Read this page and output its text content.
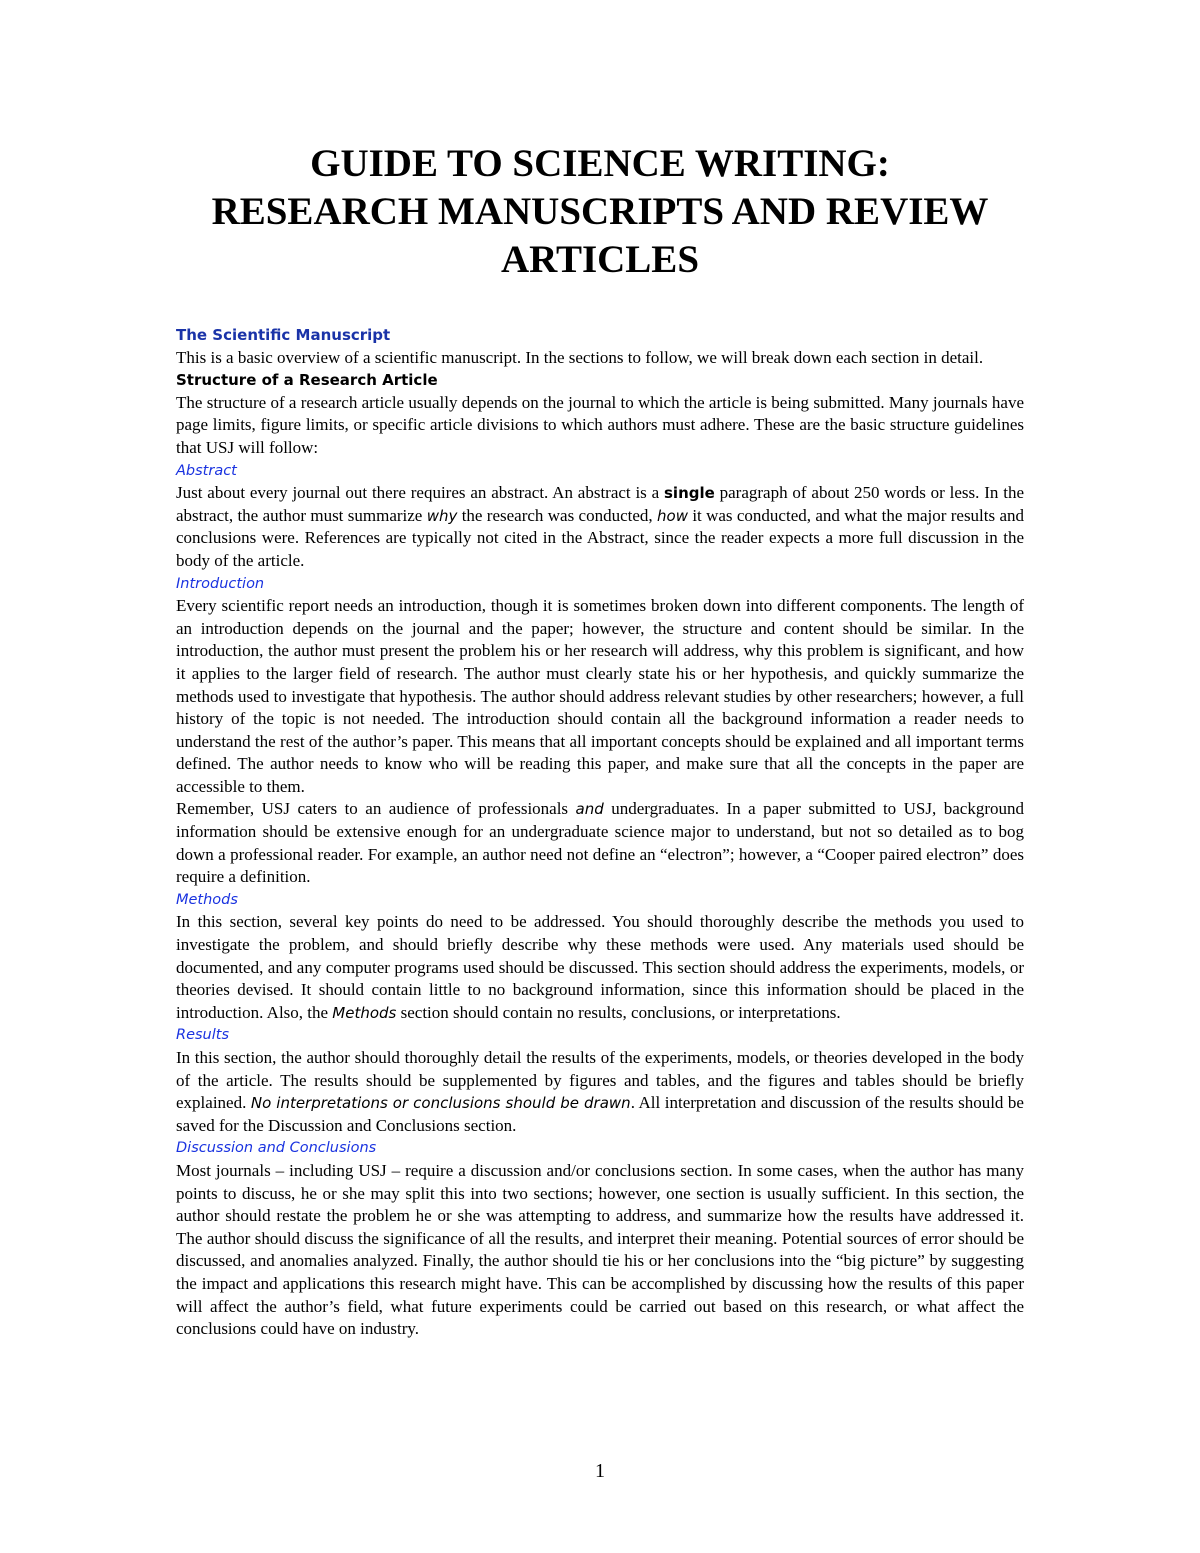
GUIDE TO SCIENCE WRITING:
RESEARCH MANUSCRIPTS AND REVIEW
ARTICLES
The Scientific Manuscript

This is a basic overview of a scientific manuscript. In the sections to follow, we will break down each section in detail.

Structure of a Research Article

The structure of a research article usually depends on the journal to which the article is being submitted. Many journals have page limits, figure limits, or specific article divisions to which authors must adhere. These are the basic structure guidelines that USJ will follow:

Abstract

Just about every journal out there requires an abstract. An abstract is a single paragraph of about 250 words or less. In the abstract, the author must summarize why the research was conducted, how it was conducted, and what the major results and conclusions were. References are typically not cited in the Abstract, since the reader expects a more full discussion in the body of the article.

Introduction

Every scientific report needs an introduction, though it is sometimes broken down into different components. The length of an introduction depends on the journal and the paper; however, the structure and content should be similar. In the introduction, the author must present the problem his or her research will address, why this problem is significant, and how it applies to the larger field of research. The author must clearly state his or her hypothesis, and quickly summarize the methods used to investigate that hypothesis. The author should address relevant studies by other researchers; however, a full history of the topic is not needed. The introduction should contain all the background information a reader needs to understand the rest of the author’s paper. This means that all important concepts should be explained and all important terms defined. The author needs to know who will be reading this paper, and make sure that all the concepts in the paper are accessible to them.

Remember, USJ caters to an audience of professionals and undergraduates. In a paper submitted to USJ, background information should be extensive enough for an undergraduate science major to understand, but not so detailed as to bog down a professional reader. For example, an author need not define an “electron”; however, a “Cooper paired electron” does require a definition.

Methods

In this section, several key points do need to be addressed. You should thoroughly describe the methods you used to investigate the problem, and should briefly describe why these methods were used. Any materials used should be documented, and any computer programs used should be discussed. This section should address the experiments, models, or theories devised. It should contain little to no background information, since this information should be placed in the introduction. Also, the Methods section should contain no results, conclusions, or interpretations.

Results

In this section, the author should thoroughly detail the results of the experiments, models, or theories developed in the body of the article. The results should be supplemented by figures and tables, and the figures and tables should be briefly explained. No interpretations or conclusions should be drawn. All interpretation and discussion of the results should be saved for the Discussion and Conclusions section.

Discussion and Conclusions

Most journals – including USJ – require a discussion and/or conclusions section. In some cases, when the author has many points to discuss, he or she may split this into two sections; however, one section is usually sufficient. In this section, the author should restate the problem he or she was attempting to address, and summarize how the results have addressed it. The author should discuss the significance of all the results, and interpret their meaning. Potential sources of error should be discussed, and anomalies analyzed. Finally, the author should tie his or her conclusions into the “big picture” by suggesting the impact and applications this research might have. This can be accomplished by discussing how the results of this paper will affect the author’s field, what future experiments could be carried out based on this research, or what affect the conclusions could have on industry.

1
